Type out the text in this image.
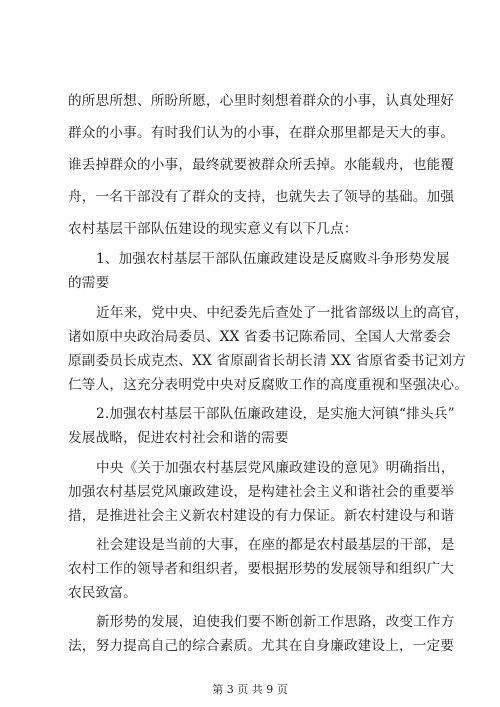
的所思所想、所盼所愿，心里时刻想着群众的小事，认真处理好
群众的小事。有时我们认为的小事，在群众那里都是天大的事。
谁丢掉群众的小事，最终就要被群众所丢掉。水能载舟，也能覆
舟，一名干部没有了群众的支持，也就失去了领导的基础。加强
农村基层干部队伍建设的现实意义有以下几点：
1、加强农村基层干部队伍廉政建设是反腐败斗争形势发展
的需要
近年来，党中央、中纪委先后查处了一批省部级以上的高官，
诸如原中央政治局委员、XX 省委书记陈希同、全国人大常委会
原副委员长成克杰、XX 省原副省长胡长清 XX 省原省委书记刘方
仁等人，这充分表明党中央对反腐败工作的高度重视和坚强决心。
2.加强农村基层干部队伍廉政建设，是实施大河镇“排头兵”
发展战略，促进农村社会和谐的需要
中央《关于加强农村基层党风廉政建设的意见》明确指出，
加强农村基层党风廉政建设，是构建社会主义和谐社会的重要举
措，是推进社会主义新农村建设的有力保证。新农村建设与和谐
社会建设是当前的大事，在座的都是农村最基层的干部，是
农村工作的领导者和组织者，要根据形势的发展领导和组织广大
农民致富。
新形势的发展，迫使我们要不断创新工作思路，改变工作方
法，努力提高自己的综合素质。尤其在自身廉政建设上，一定要
第 3 页 共 9 页
